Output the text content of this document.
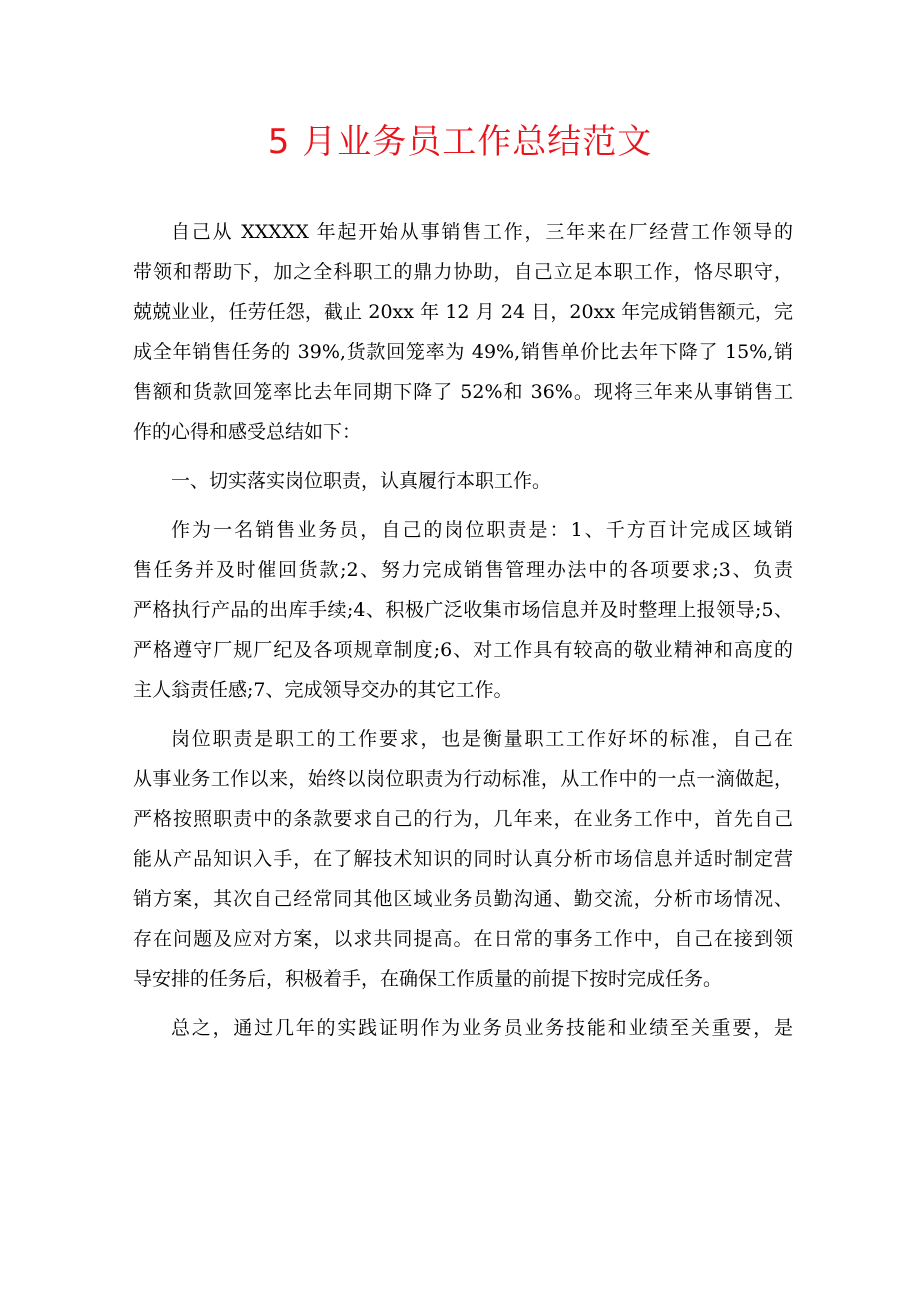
5 月业务员工作总结范文
自己从 XXXXX 年起开始从事销售工作，三年来在厂经营工作领导的
带领和帮助下，加之全科职工的鼎力协助，自己立足本职工作，恪尽职守，
兢兢业业，任劳任怨，截止 20xx 年 12 月 24 日，20xx 年完成销售额元，完
成全年销售任务的 39%,货款回笼率为 49%,销售单价比去年下降了 15%,销
售额和货款回笼率比去年同期下降了 52%和 36%。现将三年来从事销售工
作的心得和感受总结如下：
一、切实落实岗位职责，认真履行本职工作。
作为一名销售业务员，自己的岗位职责是：1、千方百计完成区域销
售任务并及时催回货款;2、努力完成销售管理办法中的各项要求;3、负责
严格执行产品的出库手续;4、积极广泛收集市场信息并及时整理上报领导;5、
严格遵守厂规厂纪及各项规章制度;6、对工作具有较高的敬业精神和高度的
主人翁责任感;7、完成领导交办的其它工作。
岗位职责是职工的工作要求，也是衡量职工工作好坏的标准，自己在
从事业务工作以来，始终以岗位职责为行动标准，从工作中的一点一滴做起，
严格按照职责中的条款要求自己的行为，几年来，在业务工作中，首先自己
能从产品知识入手，在了解技术知识的同时认真分析市场信息并适时制定营
销方案，其次自己经常同其他区域业务员勤沟通、勤交流，分析市场情况、
存在问题及应对方案，以求共同提高。在日常的事务工作中，自己在接到领
导安排的任务后，积极着手，在确保工作质量的前提下按时完成任务。
总之，通过几年的实践证明作为业务员业务技能和业绩至关重要，是
